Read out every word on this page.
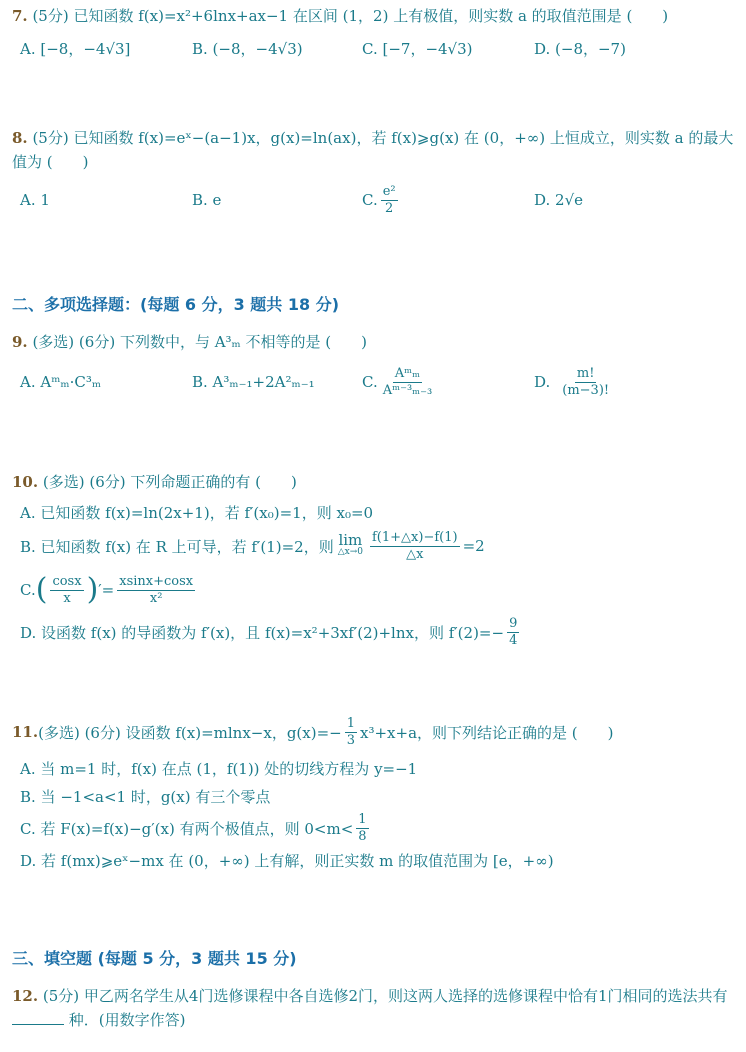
7. (5分) 已知函数 f(x)=x²+6lnx+ax−1 在区间 (1，2) 上有极值，则实数 a 的取值范围是 (　　)
A. [−8，−4√3]	B. (−8，−4√3)	C. [−7，−4√3)	D. (−8，−7)
8. (5分) 已知函数 f(x)=eˣ−(a−1)x，g(x)=ln(ax)，若 f(x)⩾g(x) 在 (0，+∞) 上恒成立，则实数 a 的最大值为 (　　)
A. 1	B. e	C. $\frac{\text{e²}}{2}$	D. 2√e
二、多项选择题：(每题 6 分，3 题共 18 分)
9. (多选) (6分) 下列数中，与 A³ₘ 不相等的是 (　　)
A. Aᵐₘ·C³ₘ	B. A³ₘ₋₁+2A²ₘ₋₁	C. $\frac{\text{Aᵐₘ}}{\text{Aᵐ⁻³ₘ₋₃}}$	D. $\frac{m!}{(m-3)!}$
10. (多选) (6分) 下列命题正确的有 (　　)
A. 已知函数 f(x)=ln(2x+1)，若 f′(x₀)=1，则 x₀=0
B. 已知函数 f(x) 在 R 上可导，若 f′(1)=2，则 lim
△x→0 $\frac{f(1+\triangle x)-f(1)}{\triangle x} =2$
C. ( $\frac{\cos x}{x}$ ) ′= $\frac{xsinx+\cos x}{\text{x²}}$
D. 设函数 f(x) 的导函数为 f′(x)，且 f(x)=x²+3xf′(2)+lnx，则 $f'(2)=- \frac{9}{4}$
11. (多选) (6分) 设函数 f(x)=mlnx−x，$g(x)=- \frac{1}{3} x^3+x+a$，则下列结论正确的是 (　　)
A. 当 m=1 时，f(x) 在点 (1，f(1)) 处的切线方程为 y=−1
B. 当 −1<a<1 时，g(x) 有三个零点
C. 若 F(x)=f(x)−g′(x) 有两个极值点，则 $0<m< \frac{1}{8}$
D. 若 f(mx)⩾eˣ−mx 在 (0，+∞) 上有解，则正实数 m 的取值范围为 [e，+∞)
三、填空题 (每题 5 分，3 题共 15 分)
12. (5分) 甲乙两名学生从4门选修课程中各自选修2门，则这两人选择的选修课程中恰有1门相同的选法共有  种．(用数字作答)
